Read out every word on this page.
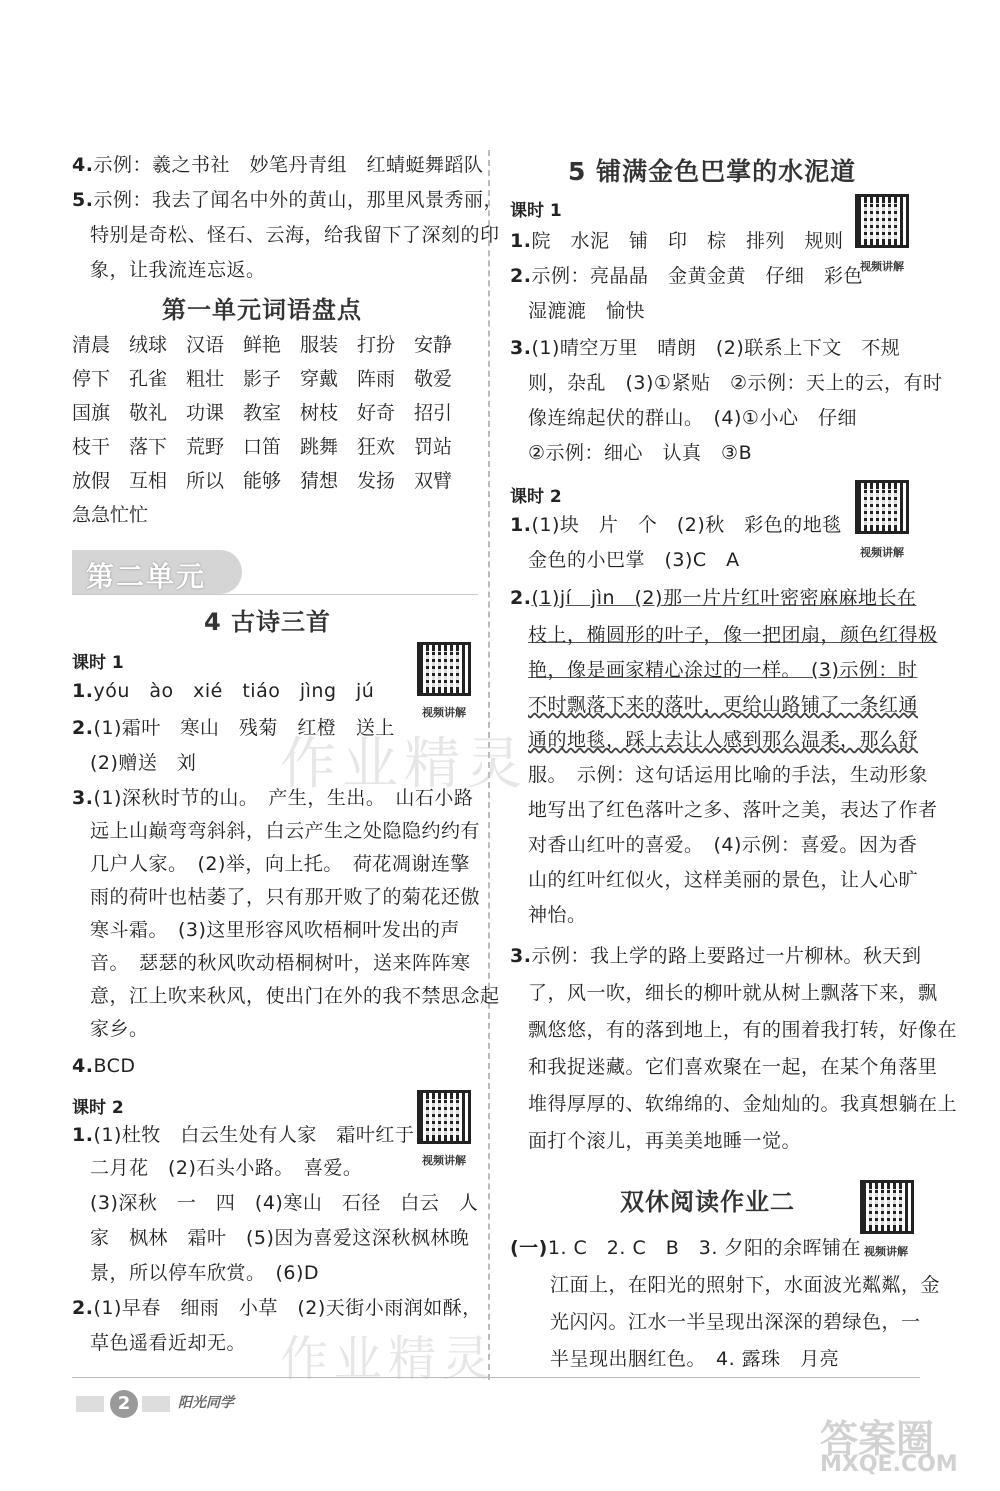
4.示例：羲之书社　妙笔丹青组　红蜻蜓舞蹈队
5.示例：我去了闻名中外的黄山，那里风景秀丽，
特别是奇松、怪石、云海，给我留下了深刻的印
象，让我流连忘返。
第一单元词语盘点
清晨 绒球 汉语 鲜艳 服装 打扮 安静
停下 孔雀 粗壮 影子 穿戴 阵雨 敬爱
国旗 敬礼 功课 教室 树枝 好奇 招引
枝干 落下 荒野 口笛 跳舞 狂欢 罚站
放假 互相 所以 能够 猜想 发扬 双臂
急急忙忙
4 古诗三首
课时 1
视频讲解
1.yóu　ào　xié　tiáo　jìng　jú
2.(1)霜叶　寒山　残菊　红橙　送上
(2)赠送　刘
3.(1)深秋时节的山。　产生，生出。　山石小路
远上山巅弯弯斜斜，白云产生之处隐隐约约有
几户人家。　(2)举，向上托。　荷花凋谢连擎
雨的荷叶也枯萎了，只有那开败了的菊花还傲
寒斗霜。　(3)这里形容风吹梧桐叶发出的声
音。　瑟瑟的秋风吹动梧桐树叶，送来阵阵寒
意，江上吹来秋风，使出门在外的我不禁思念起
家乡。
4.BCD
课时 2
视频讲解
1.(1)杜牧　白云生处有人家　霜叶红于
二月花　(2)石头小路。　喜爱。
(3)深秋　一　四　(4)寒山　石径　白云　人
家　枫林　霜叶　(5)因为喜爱这深秋枫林晚
景，所以停车欣赏。　(6)D
2.(1)早春　细雨　小草　(2)天街小雨润如酥，
草色遥看近却无。
第二单元
5 铺满金色巴掌的水泥道
课时 1
视频讲解
1.院　水泥　铺　印　棕　排列　规则
2.示例：亮晶晶　金黄金黄　仔细　彩色
湿漉漉　愉快
3.(1)晴空万里　晴朗　(2)联系上下文　不规
则，杂乱　(3)①紧贴　②示例：天上的云，有时
像连绵起伏的群山。　(4)①小心　仔细
②示例：细心　认真　③B
课时 2
视频讲解
1.(1)块　片　个　(2)秋　彩色的地毯
金色的小巴掌　(3)C　A
2.(1)jí　jìn　(2)那一片片红叶密密麻麻地长在
枝上，椭圆形的叶子，像一把团扇，颜色红得极
艳，像是画家精心涂过的一样。　(3)示例：时
不时飘落下来的落叶，更给山路铺了一条红通
通的地毯，踩上去让人感到那么温柔，那么舒
服。　示例：这句话运用比喻的手法，生动形象
地写出了红色落叶之多、落叶之美，表达了作者
对香山红叶的喜爱。　(4)示例：喜爱。因为香
山的红叶红似火，这样美丽的景色，让人心旷
神怡。
3.示例：我上学的路上要路过一片柳林。秋天到
了，风一吹，细长的柳叶就从树上飘落下来，飘
飘悠悠，有的落到地上，有的围着我打转，好像在
和我捉迷藏。它们喜欢聚在一起，在某个角落里
堆得厚厚的、软绵绵的、金灿灿的。我真想躺在上
面打个滚儿，再美美地睡一觉。
双休阅读作业二
视频讲解
(一)1. C　2. C　B　3. 夕阳的余晖铺在
江面上，在阳光的照射下，水面波光粼粼，金
光闪闪。江水一半呈现出深深的碧绿色，一
半呈现出胭红色。　4. 露珠　月亮
作业精灵
作业精灵
答案圈
MXQE.COM
2	阳光同学
